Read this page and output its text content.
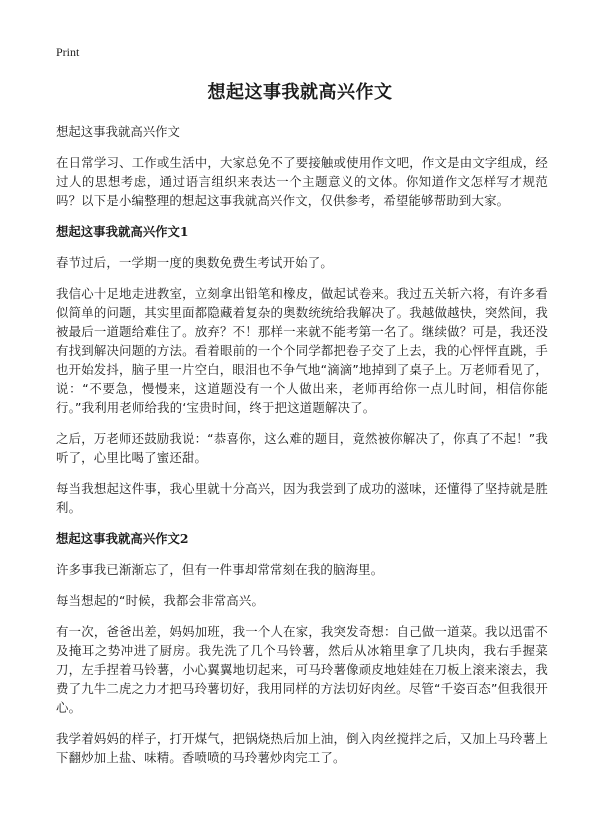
Print
想起这事我就高兴作文

想起这事我就高兴作文

在日常学习、工作或生活中，大家总免不了要接触或使用作文吧，作文是由文字组成，经过人的思想考虑，通过语言组织来表达一个主题意义的文体。你知道作文怎样写才规范吗？以下是小编整理的想起这事我就高兴作文，仅供参考，希望能够帮助到大家。

想起这事我就高兴作文1

春节过后，一学期一度的奥数免费生考试开始了。

我信心十足地走进教室，立刻拿出铅笔和橡皮，做起试卷来。我过五关斩六将，有许多看似简单的问题，其实里面都隐藏着复杂的奥数统统给我解决了。我越做越快，突然间，我被最后一道题给难住了。放弃？不！那样一来就不能考第一名了。继续做？可是，我还没有找到解决问题的方法。看着眼前的一个个同学都把卷子交了上去，我的心怦怦直跳，手也开始发抖，脑子里一片空白，眼泪也不争气地“滴滴”地掉到了桌子上。万老师看见了，说：“不要急，慢慢来，这道题没有一个人做出来，老师再给你一点儿时间，相信你能行。”我利用老师给我的‘宝贵时间，终于把这道题解决了。

之后，万老师还鼓励我说：“恭喜你，这么难的题目，竟然被你解决了，你真了不起！”我听了，心里比喝了蜜还甜。

每当我想起这件事，我心里就十分高兴，因为我尝到了成功的滋味，还懂得了坚持就是胜利。

想起这事我就高兴作文2

许多事我已渐渐忘了，但有一件事却常常刻在我的脑海里。

每当想起的“时候，我都会非常高兴。

有一次，爸爸出差，妈妈加班，我一个人在家，我突发奇想：自己做一道菜。我以迅雷不及掩耳之势冲进了厨房。我先洗了几个马铃薯，然后从冰箱里拿了几块肉，我右手握菜刀，左手捏着马铃薯，小心翼翼地切起来，可马玲薯像顽皮地娃娃在刀板上滚来滚去，我费了九牛二虎之力才把马玲薯切好，我用同样的方法切好肉丝。尽管“千姿百态”但我很开心。

我学着妈妈的样子，打开煤气，把锅烧热后加上油，倒入肉丝搅拌之后，又加上马玲薯上下翻炒加上盐、味精。香喷喷的马玲薯炒肉完工了。
